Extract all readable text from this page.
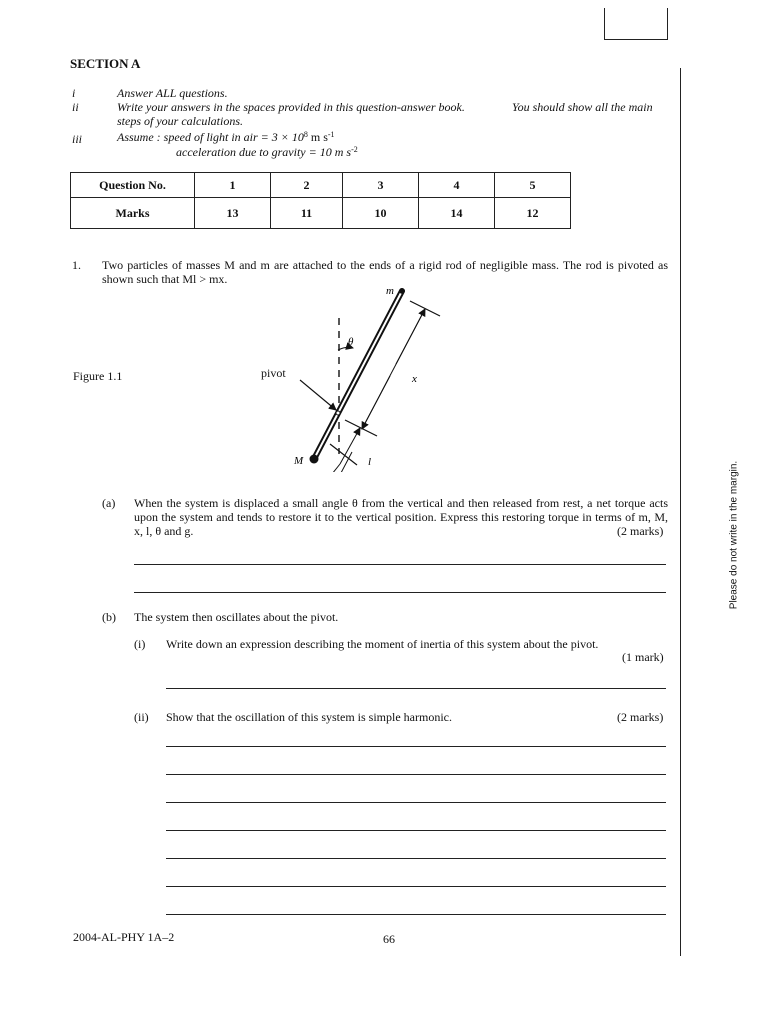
SECTION A
i	Answer ALL questions.
ii	Write your answers in the spaces provided in this question-answer book.	You should show all the main
steps of your calculations.
iii	Assume : speed of light in air = $3 \times 10^8$ m $s^{-1}$
acceleration due to gravity = 10 m $s^{-2}$
Question No.	1	2	3	4	5
Marks	13	11	10	14	12
1. Two particles of masses M and m are attached to the ends of a rigid rod of negligible mass. The rod is pivoted as shown such that Ml > mx.
Figure 1.1	pivot
m
M
θ
x
l
(a) When the system is displaced a small angle θ from the vertical and then released from rest, a net torque acts upon the system and tends to restore it to the vertical position. Express this restoring torque in terms of m, M, x, l, θ and g.	(2 marks)
(b) The system then oscillates about the pivot.
(i) Write down an expression describing the moment of inertia of this system about the pivot.
(1 mark)
(ii) Show that the oscillation of this system is simple harmonic.	(2 marks)
Please do not write in the margin.
2004-AL-PHY 1A–2	66
